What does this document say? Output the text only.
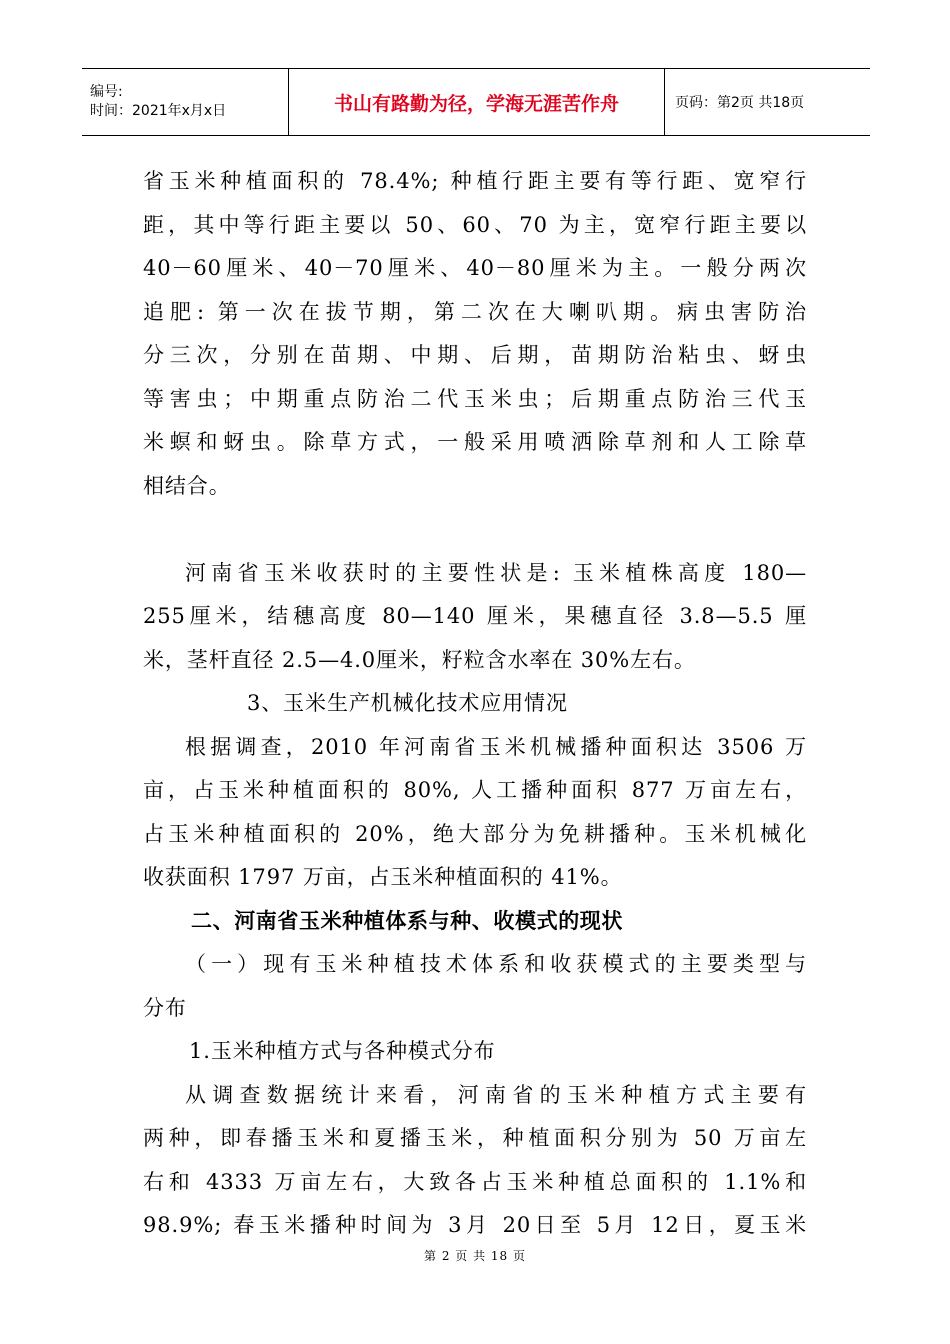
编号:
时间：2021年x月x日	书山有路勤为径，学海无涯苦作舟	页码：第2页 共18页
省玉米种植面积的 78.4%; 种植行距主要有等行距、宽窄行
距，其中等行距主要以 50、60、70 为主，宽窄行距主要以
40－60厘米、40－70厘米、40－80厘米为主。一般分两次
追肥: 第一次在拔节期，第二次在大喇叭期。病虫害防治
分三次，分别在苗期、中期、后期，苗期防治粘虫、蚜虫
等害虫；中期重点防治二代玉米虫；后期重点防治三代玉
米螟和蚜虫。除草方式，一般采用喷洒除草剂和人工除草
相结合。
河南省玉米收获时的主要性状是: 玉米植株高度 180—
255厘米，结穗高度 80—140 厘米，果穗直径 3.8—5.5 厘
米，茎杆直径 2.5—4.0厘米，籽粒含水率在 30%左右。
3、玉米生产机械化技术应用情况
根据调查，2010 年河南省玉米机械播种面积达 3506 万
亩，占玉米种植面积的 80%, 人工播种面积 877 万亩左右，
占玉米种植面积的 20%，绝大部分为免耕播种。玉米机械化
收获面积 1797 万亩，占玉米种植面积的 41%。
二、河南省玉米种植体系与种、收模式的现状
（一）现有玉米种植技术体系和收获模式的主要类型与
分布
1.玉米种植方式与各种模式分布
从调查数据统计来看，河南省的玉米种植方式主要有
两种，即春播玉米和夏播玉米，种植面积分别为 50 万亩左
右和 4333 万亩左右，大致各占玉米种植总面积的 1.1%和
98.9%; 春玉米播种时间为 3月 20日至 5月 12日，夏玉米
第 2 页 共 18 页
